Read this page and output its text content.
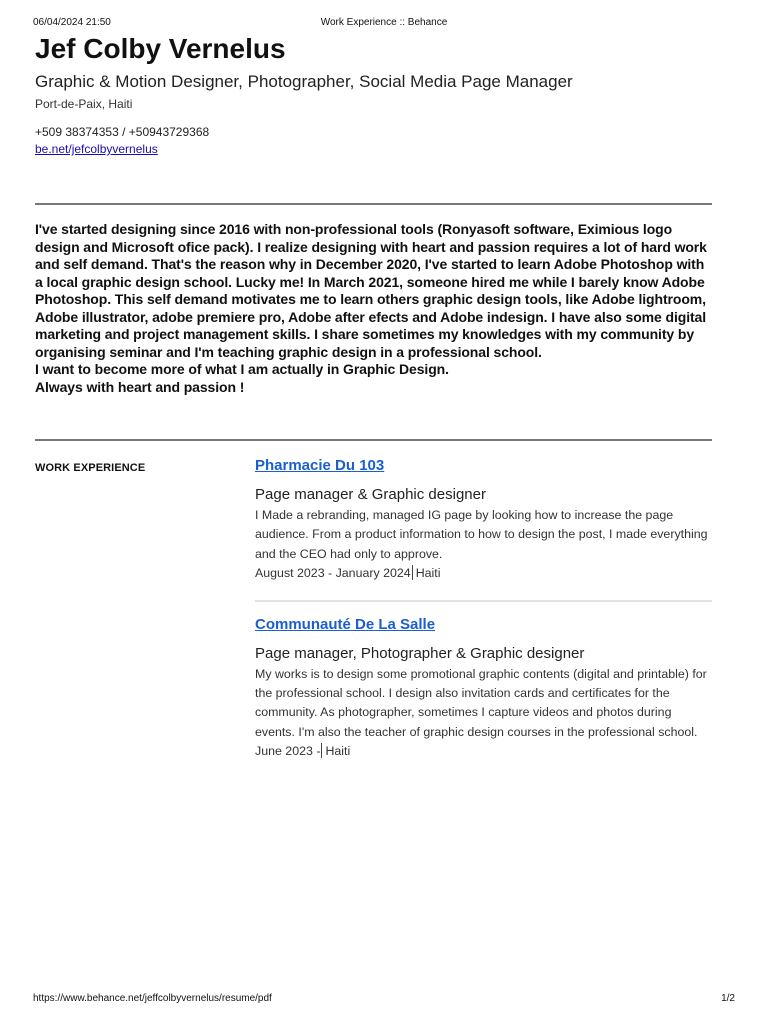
06/04/2024 21:50	Work Experience :: Behance
Jef Colby Vernelus
Graphic & Motion Designer, Photographer, Social Media Page Manager
Port-de-Paix, Haiti
+509 38374353 / +50943729368
be.net/jefcolbyvernelus
I've started designing since 2016 with non-professional tools (Ronyasoft software, Eximious logo design and Microsoft ofice pack). I realize designing with heart and passion requires a lot of hard work and self demand. That's the reason why in December 2020, I've started to learn Adobe Photoshop with a local graphic design school. Lucky me! In March 2021, someone hired me while I barely know Adobe Photoshop. This self demand motivates me to learn others graphic design tools, like Adobe lightroom, Adobe illustrator, adobe premiere pro, Adobe after efects and Adobe indesign. I have also some digital marketing and project management skills. I share sometimes my knowledges with my community by organising seminar and I'm teaching graphic design in a professional school.
I want to become more of what I am actually in Graphic Design.
Always with heart and passion !
WORK EXPERIENCE	Pharmacie Du 103
Page manager & Graphic designer
I Made a rebranding, managed IG page by looking how to increase the page audience. From a product information to how to design the post, I made everything and the CEO had only to approve.
August 2023 - January 2024 Haiti
Communauté De La Salle
Page manager, Photographer & Graphic designer
My works is to design some promotional graphic contents (digital and printable) for the professional school. I design also invitation cards and certificates for the community. As photographer, sometimes I capture videos and photos during events. I'm also the teacher of graphic design courses in the professional school.
June 2023 - Haiti
https://www.behance.net/jeffcolbyvernelus/resume/pdf	1/2
